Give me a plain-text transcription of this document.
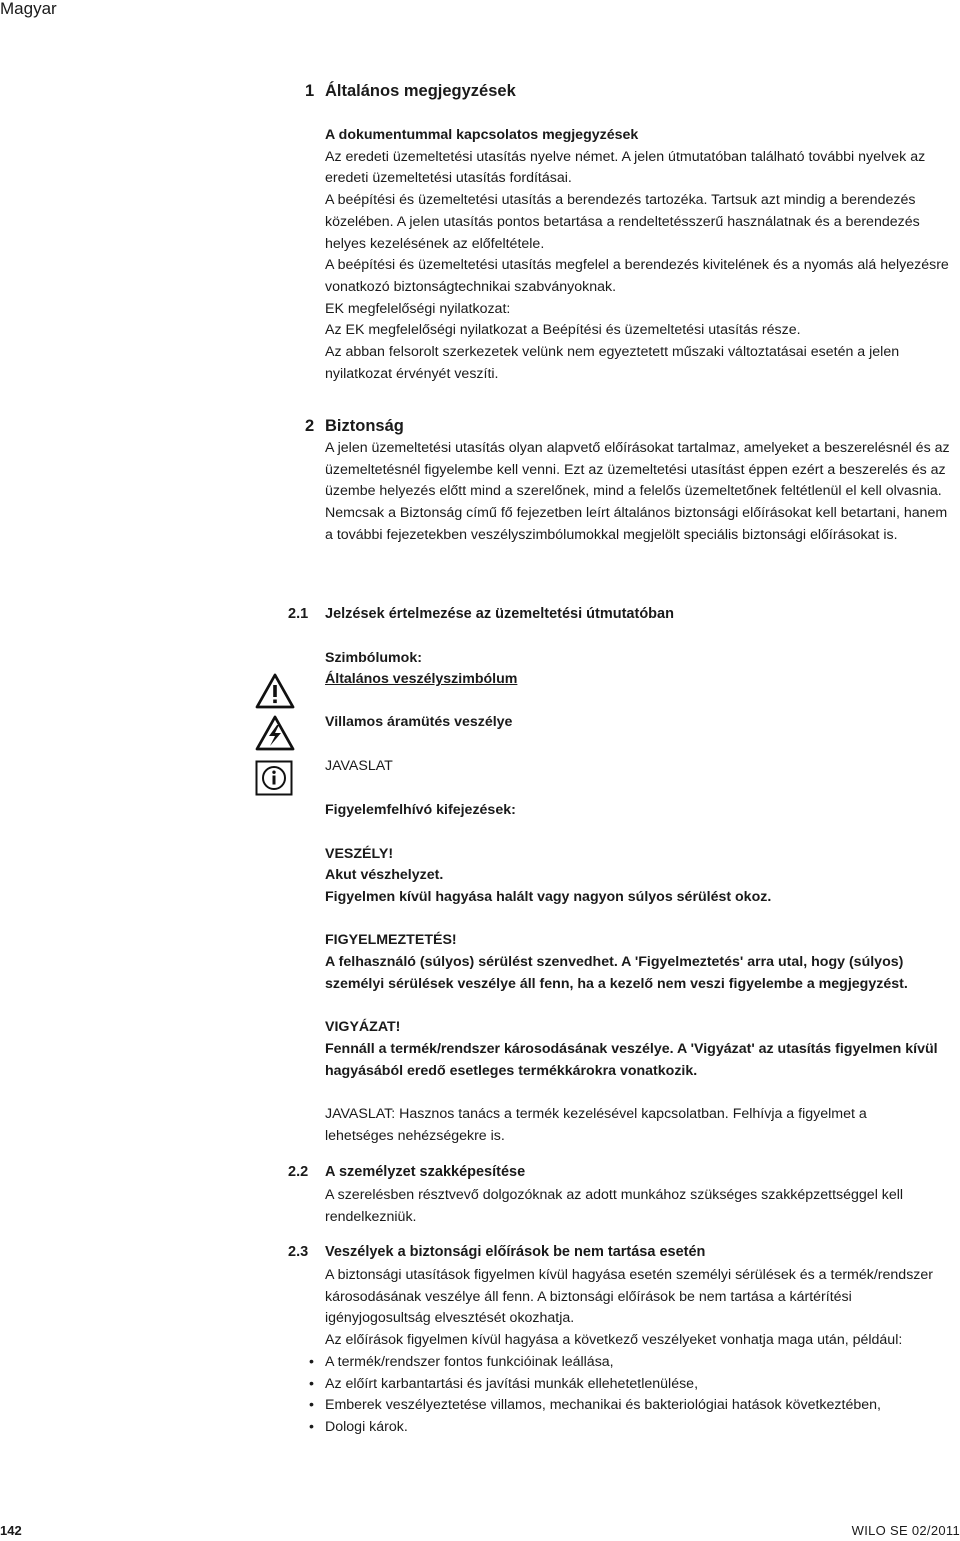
Magyar
1 Általános megjegyzések

A dokumentummal kapcsolatos megjegyzések

Az eredeti üzemeltetési utasítás nyelve német. A jelen útmutatóban található további nyelvek az eredeti üzemeltetési utasítás fordításai.

A beépítési és üzemeltetési utasítás a berendezés tartozéka. Tartsuk azt mindig a berendezés közelében. A jelen utasítás pontos betartása a rendeltetésszerű használatnak és a berendezés helyes kezelésének az előfeltétele.

A beépítési és üzemeltetési utasítás megfelel a berendezés kivitelének és a nyomás alá helyezésre vonatkozó biztonságtechnikai szabványoknak.

EK megfelelőségi nyilatkozat:

Az EK megfelelőségi nyilatkozat a Beépítési és üzemeltetési utasítás része.

Az abban felsorolt szerkezetek velünk nem egyeztetett műszaki változtatásai esetén a jelen nyilatkozat érvényét veszíti.

2 Biztonság

A jelen üzemeltetési utasítás olyan alapvető előírásokat tartalmaz, amelyeket a beszerelésnél és az üzemeltetésnél figyelembe kell venni. Ezt az üzemeltetési utasítást éppen ezért a beszerelés és az üzembe helyezés előtt mind a szerelőnek, mind a felelős üzemeltetőnek feltétlenül el kell olvasnia.

Nemcsak a Biztonság című fő fejezetben leírt általános biztonsági előírásokat kell betartani, hanem a további fejezetekben veszélyszimbólumokkal megjelölt speciális biztonsági előírásokat is.

2.1 Jelzések értelmezése az üzemeltetési útmutatóban
Szimbólumok:
Általános veszélyszimbólum
Villamos áramütés veszélye
JAVASLAT
Figyelemfelhívó kifejezések:
VESZÉLY!
Akut vészhelyzet.
Figyelmen kívül hagyása halált vagy nagyon súlyos sérülést okoz.
FIGYELMEZTETÉS!
A felhasználó (súlyos) sérülést szenvedhet. A 'Figyelmeztetés' arra utal, hogy (súlyos) személyi sérülések veszélye áll fenn, ha a kezelő nem veszi figyelembe a megjegyzést.
VIGYÁZAT!
Fennáll a termék/rendszer károsodásának veszélye. A 'Vigyázat' az utasítás figyelmen kívül hagyásából eredő esetleges termékkárokra vonatkozik.
JAVASLAT: Hasznos tanács a termék kezelésével kapcsolatban. Felhívja a figyelmet a lehetséges nehézségekre is.
2.2 A személyzet szakképesítése
A szerelésben résztvevő dolgozóknak az adott munkához szükséges szakképzettséggel kell rendelkezniük.
2.3 Veszélyek a biztonsági előírások be nem tartása esetén

A biztonsági utasítások figyelmen kívül hagyása esetén személyi sérülések és a termék/rendszer károsodásának veszélye áll fenn. A biztonsági előírások be nem tartása a kártérítési igényjogosultság elvesztését okozhatja.

Az előírások figyelmen kívül hagyása a következő veszélyeket vonhatja maga után, például:

• A termék/rendszer fontos funkcióinak leállása,
• Az előírt karbantartási és javítási munkák ellehetetlenülése,
• Emberek veszélyeztetése villamos, mechanikai és bakteriológiai hatások következtében,
• Dologi károk.
142	WILO SE 02/2011
